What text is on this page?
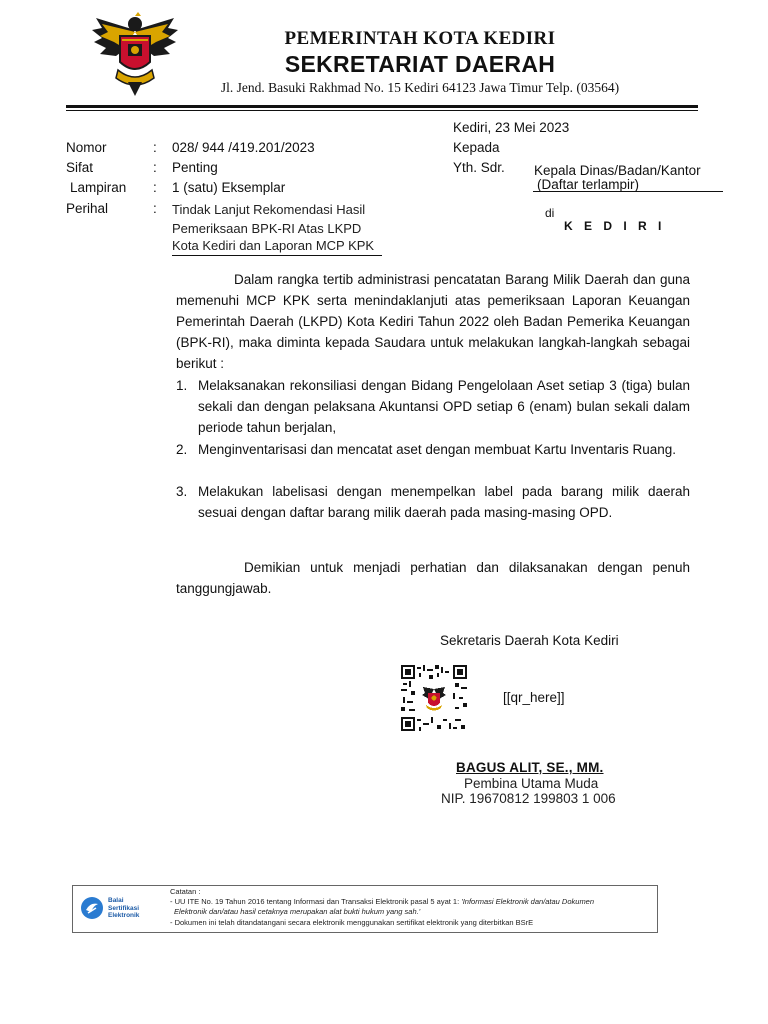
PEMERINTAH KOTA KEDIRI
SEKRETARIAT DAERAH
Jl. Jend. Basuki Rakhmad No. 15 Kediri 64123 Jawa Timur Telp. (03564)
Kediri, 23 Mei 2023
Nomor	: 028/ 944 /419.201/2023
Sifat	: Penting
Lampiran : 1 (satu) Eksemplar
Perihal	: Tindak Lanjut Rekomendasi Hasil
Pemeriksaan BPK-RI Atas LKPD
Kota Kediri dan Laporan MCP KPK
Kepada
Yth. Sdr. Kepala Dinas/Badan/Kantor
(Daftar terlampir)
di
K E D I R I
Dalam rangka tertib administrasi pencatatan Barang Milik Daerah dan guna memenuhi MCP KPK serta menindaklanjuti atas pemeriksaan Laporan Keuangan Pemerintah Daerah (LKPD) Kota Kediri Tahun 2022 oleh Badan Pemerika Keuangan (BPK-RI), maka diminta kepada Saudara untuk melakukan langkah-langkah sebagai berikut :
1. Melaksanakan rekonsiliasi dengan Bidang Pengelolaan Aset setiap 3 (tiga) bulan sekali dan dengan pelaksana Akuntansi OPD setiap 6 (enam) bulan sekali dalam periode tahun berjalan,
2. Menginventarisasi dan mencatat aset dengan membuat Kartu Inventaris Ruang.
3. Melakukan labelisasi dengan menempelkan label pada barang milik daerah sesuai dengan daftar barang milik daerah pada masing-masing OPD.
Demikian untuk menjadi perhatian dan dilaksanakan dengan penuh tanggungjawab.
Sekretaris Daerah Kota Kediri
[[qr_here]]
BAGUS ALIT, SE., MM.
Pembina Utama Muda
NIP. 19670812 199803 1 006
Balai
Sertifikasi
Elektronik
Catatan :
- UU ITE No. 19 Tahun 2016 tentang Informasi dan Transaksi Elektronik pasal 5 ayat 1: 'Informasi Elektronik dan/atau Dokumen
Elektronik dan/atau hasil cetaknya merupakan alat bukti hukum yang sah.'
- Dokumen ini telah ditandatangani secara elektronik menggunakan sertifikat elektronik yang diterbitkan BSrE
